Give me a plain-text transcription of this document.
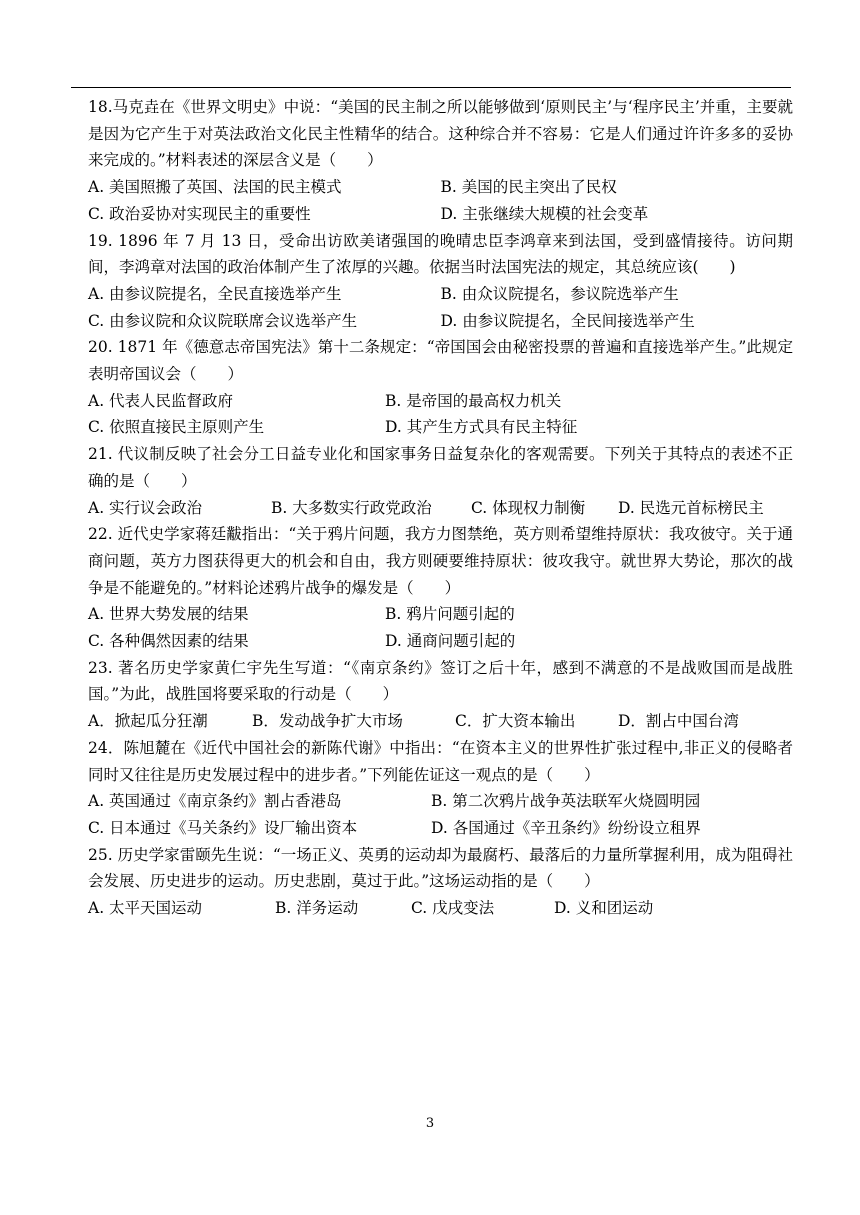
18.马克垚在《世界文明史》中说：“美国的民主制之所以能够做到‘原则民主’与‘程序民主’并重，主要就是因为它产生于对英法政治文化民主性精华的结合。这种综合并不容易：它是人们通过许许多多的妥协来完成的。”材料表述的深层含义是（　　）
A. 美国照搬了英国、法国的民主模式	B. 美国的民主突出了民权
C. 政治妥协对实现民主的重要性	D. 主张继续大规模的社会变革
19. 1896 年 7 月 13 日，受命出访欧美诸强国的晚晴忠臣李鸿章来到法国，受到盛情接待。访问期间，李鸿章对法国的政治体制产生了浓厚的兴趣。依据当时法国宪法的规定，其总统应该(　　)
A. 由参议院提名，全民直接选举产生	B. 由众议院提名，参议院选举产生
C. 由参议院和众议院联席会议选举产生	D. 由参议院提名，全民间接选举产生
20. 1871 年《德意志帝国宪法》第十二条规定：“帝国国会由秘密投票的普遍和直接选举产生。”此规定表明帝国议会（　　）
A. 代表人民监督政府	B. 是帝国的最高权力机关
C. 依照直接民主原则产生	D. 其产生方式具有民主特征
21. 代议制反映了社会分工日益专业化和国家事务日益复杂化的客观需要。下列关于其特点的表述不正确的是（　　）
A. 实行议会政治	B. 大多数实行政党政治	C. 体现权力制衡	D. 民选元首标榜民主
22. 近代史学家蒋廷黻指出：“关于鸦片问题，我方力图禁绝，英方则希望维持原状：我攻彼守。关于通商问题，英方力图获得更大的机会和自由，我方则硬要维持原状：彼攻我守。就世界大势论，那次的战争是不能避免的。”材料论述鸦片战争的爆发是（　　）
A. 世界大势发展的结果	B. 鸦片问题引起的
C. 各种偶然因素的结果	D. 通商问题引起的
23. 著名历史学家黄仁宇先生写道：“《南京条约》签订之后十年，感到不满意的不是战败国而是战胜国。”为此，战胜国将要采取的行动是（　　）
A．掀起瓜分狂潮	B．发动战争扩大市场	C．扩大资本输出	D．割占中国台湾
24．陈旭麓在《近代中国社会的新陈代谢》中指出：“在资本主义的世界性扩张过程中,非正义的侵略者同时又往往是历史发展过程中的进步者。”下列能佐证这一观点的是（　　）
A. 英国通过《南京条约》割占香港岛	B. 第二次鸦片战争英法联军火烧圆明园
C. 日本通过《马关条约》设厂输出资本	D. 各国通过《辛丑条约》纷纷设立租界
25. 历史学家雷颐先生说：“一场正义、英勇的运动却为最腐朽、最落后的力量所掌握利用，成为阻碍社会发展、历史进步的运动。历史悲剧，莫过于此。”这场运动指的是（　　）
A. 太平天国运动	B. 洋务运动	C. 戊戌变法	D. 义和团运动
3
